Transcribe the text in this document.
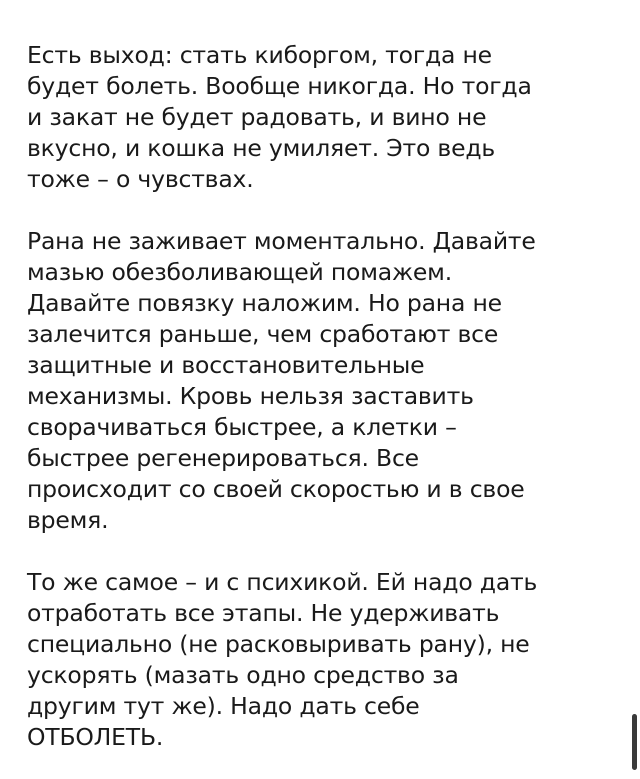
Есть выход: стать киборгом, тогда не
будет болеть. Вообще никогда. Но тогда
и закат не будет радовать, и вино не
вкусно, и кошка не умиляет. Это ведь
тоже – о чувствах.

Рана не заживает моментально. Давайте
мазью обезболивающей помажем.
Давайте повязку наложим. Но рана не
залечится раньше, чем сработают все
защитные и восстановительные
механизмы. Кровь нельзя заставить
сворачиваться быстрее, а клетки –
быстрее регенерироваться. Все
происходит со своей скоростью и в свое
время.

То же самое – и с психикой. Ей надо дать
отработать все этапы. Не удерживать
специально (не расковыривать рану), не
ускорять (мазать одно средство за
другим тут же). Надо дать себе
ОТБОЛЕТЬ.
